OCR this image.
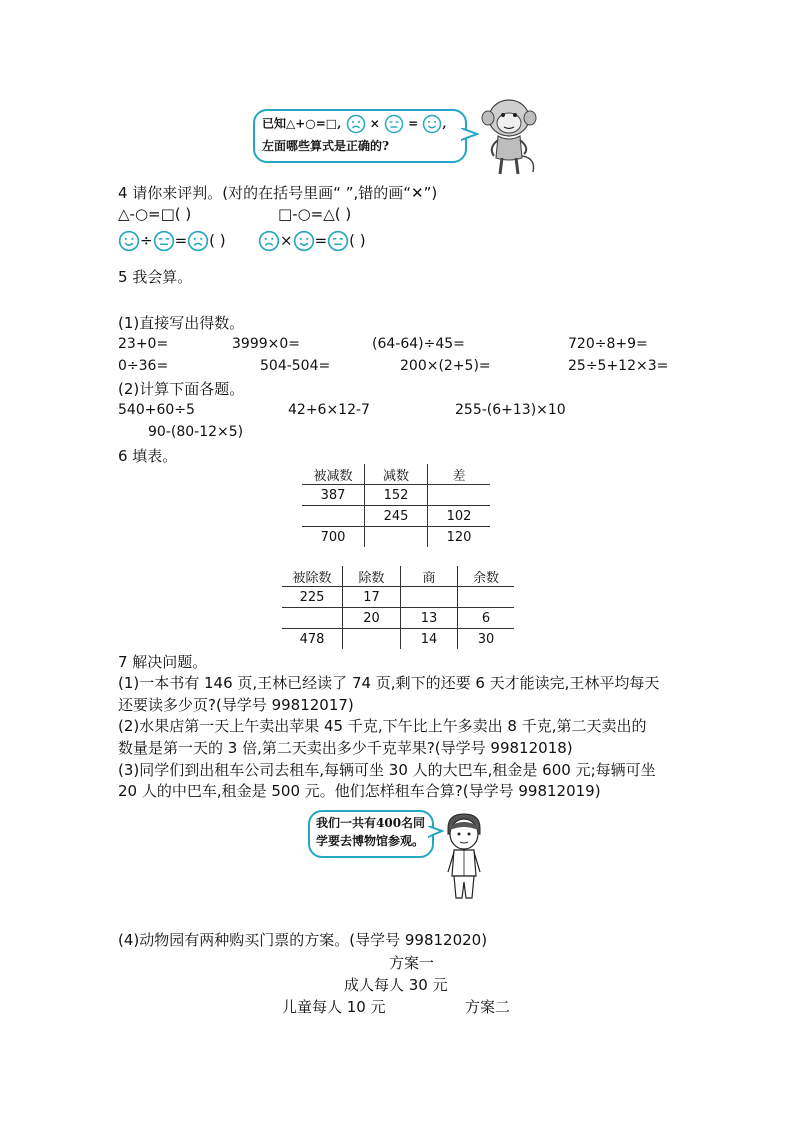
已知△+○=□, × = ,
左面哪些算式是正确的?
4 请你来评判。(对的在括号里画“ ”,错的画“✕”)
△-○=□( )	□-○=△( )
÷ = ( )	× = ( )
5 我会算。
(1)直接写出得数。
23+0=	3999×0=	(64-64)÷45=	720÷8+9=
0÷36=	504-504=	200×(2+5)=	25÷5+12×3=
(2)计算下面各题。
540+60÷5	42+6×12-7	255-(6+13)×10
90-(80-12×5)
6 填表。
被减数	减数	差
387	152	
	245	102
700		120
被除数	除数	商	余数
225	17		
	20	13	6
478		14	30
7 解决问题。
(1)一本书有 146 页,王林已经读了 74 页,剩下的还要 6 天才能读完,王林平均每天
还要读多少页?(导学号 99812017)
(2)水果店第一天上午卖出苹果 45 千克,下午比上午多卖出 8 千克,第二天卖出的
数量是第一天的 3 倍,第二天卖出多少千克苹果?(导学号 99812018)
(3)同学们到出租车公司去租车,每辆可坐 30 人的大巴车,租金是 600 元;每辆可坐
20 人的中巴车,租金是 500 元。他们怎样租车合算?(导学号 99812019)
我们一共有400名同
学要去博物馆参观。
(4)动物园有两种购买门票的方案。(导学号 99812020)
方案一
成人每人 30 元
儿童每人 10 元	方案二
